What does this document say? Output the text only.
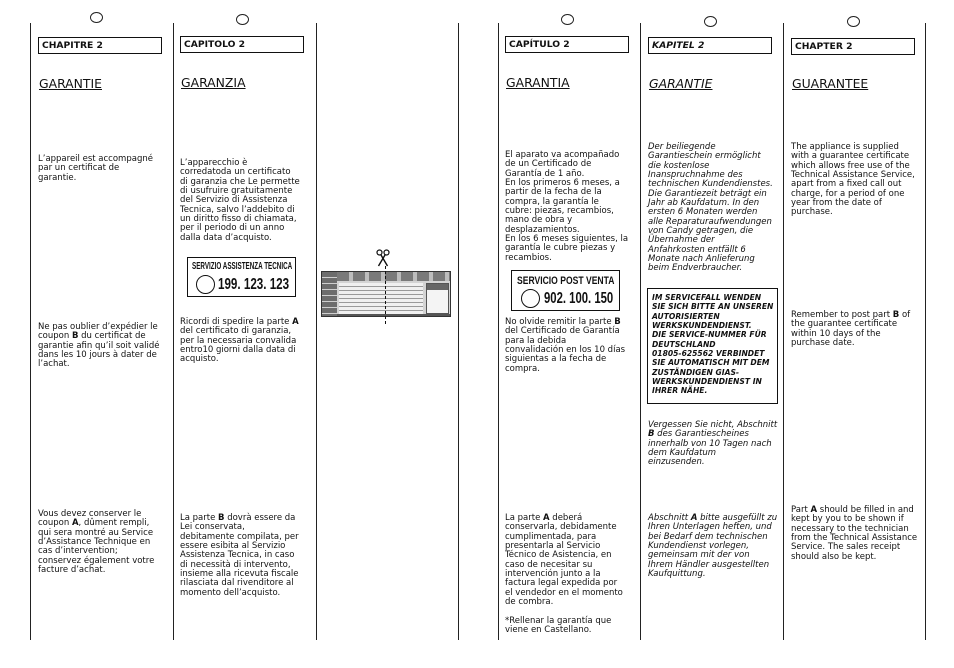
CHAPITRE 2
GARANTIE

L’appareil est accompagné
par un certificat de
garantie.

Ne pas oublier d’expédier le
coupon B du certificat de
garantie afin qu’il soit validé
dans les 10 jours à dater de
l’achat.

Vous devez conserver le
coupon A, dûment rempli,
qui sera montré au Service
d’Assistance Technique en
cas d’intervention;
conservez également votre
facture d’achat.

CAPITOLO 2
GARANZIA

L’apparecchio è
corredatoda un certificato
di garanzia che Le permette
di usufruire gratuitamente
del Servizio di Assistenza
Tecnica, salvo l’addebito di
un diritto fisso di chiamata,
per il periodo di un anno
dalla data d’acquisto.

SERVIZIO ASSISTENZA TECNICA
199. 123. 123

Ricordi di spedire la parte A
del certificato di garanzia,
per la necessaria convalida
entro10 giorni dalla data di
acquisto.

La parte B dovrà essere da
Lei conservata,
debitamente compilata, per
essere esibita al Servizio
Assistenza Tecnica, in caso
di necessità di intervento,
insieme alla ricevuta fiscale
rilasciata dal rivenditore al
momento dell’acquisto.

CAPÍTULO 2
GARANTIA

El aparato va acompañado
de un Certificado de
Garantía de 1 año.
En los primeros 6 meses, a
partir de la fecha de la
compra, la garantía le
cubre: piezas, recambios,
mano de obra y
desplazamientos.
En los 6 meses siguientes, la
garantía le cubre piezas y
recambios.

SERVICIO POST VENTA
902. 100. 150

No olvide remitir la parte B
del Certificado de Garantía
para la debida
convalidación en los 10 días
siguientas a la fecha de
compra.

La parte A deberá
conservarla, debidamente
cumplimentada, para
presentarla al Servicio
Técnico de Asistencia, en
caso de necesitar su
intervención junto a la
factura legal expedida por
el vendedor en el momento
de combra.

*Rellenar la garantía que
viene en Castellano.

KAPITEL 2
GARANTIE

Der beiliegende
Garantieschein ermöglicht
die kostenlose
Inanspruchnahme des
technischen Kundendienstes.
Die Garantiezeit beträgt ein
Jahr ab Kaufdatum. In den
ersten 6 Monaten werden
alle Reparaturaufwendungen
von Candy getragen, die
Übernahme der
Anfahrkosten entfällt 6
Monate nach Anlieferung
beim Endverbraucher.

IM SERVICEFALL WENDEN
SIE SICH BITTE AN UNSEREN
AUTORISIERTEN
WERKSKUNDENDIENST.
DIE SERVICE-NUMMER FÜR
DEUTSCHLAND
01805-625562 VERBINDET
SIE AUTOMATISCH MIT DEM
ZUSTÄNDIGEN GIAS-
WERKSKUNDENDIENST IN
IHRER NÄHE.

Vergessen Sie nicht, Abschnitt
B des Garantiescheines
innerhalb von 10 Tagen nach
dem Kaufdatum
einzusenden.

Abschnitt A bitte ausgefüllt zu
Ihren Unterlagen heften, und
bei Bedarf dem technischen
Kundendienst vorlegen,
gemeinsam mit der von
Ihrem Händler ausgestellten
Kaufquittung.

CHAPTER 2
GUARANTEE

The appliance is supplied
with a guarantee certificate
which allows free use of the
Technical Assistance Service,
apart from a fixed call out
charge, for a period of one
year from the date of
purchase.

Remember to post part B of
the guarantee certificate
within 10 days of the
purchase date.

Part A should be filled in and
kept by you to be shown if
necessary to the technician
from the Technical Assistance
Service. The sales receipt
should also be kept.
